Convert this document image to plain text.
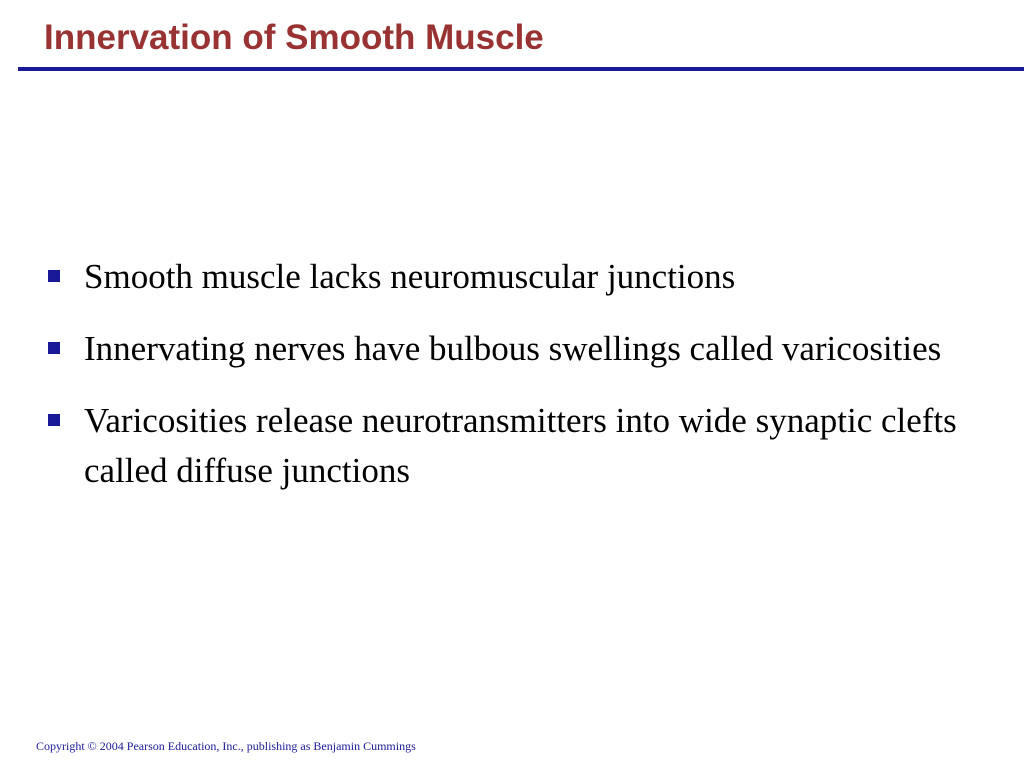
Innervation of Smooth Muscle
Smooth muscle lacks neuromuscular junctions
Innervating nerves have bulbous swellings called varicosities
Varicosities release neurotransmitters into wide synaptic clefts called diffuse junctions
Copyright © 2004 Pearson Education, Inc., publishing as Benjamin Cummings
